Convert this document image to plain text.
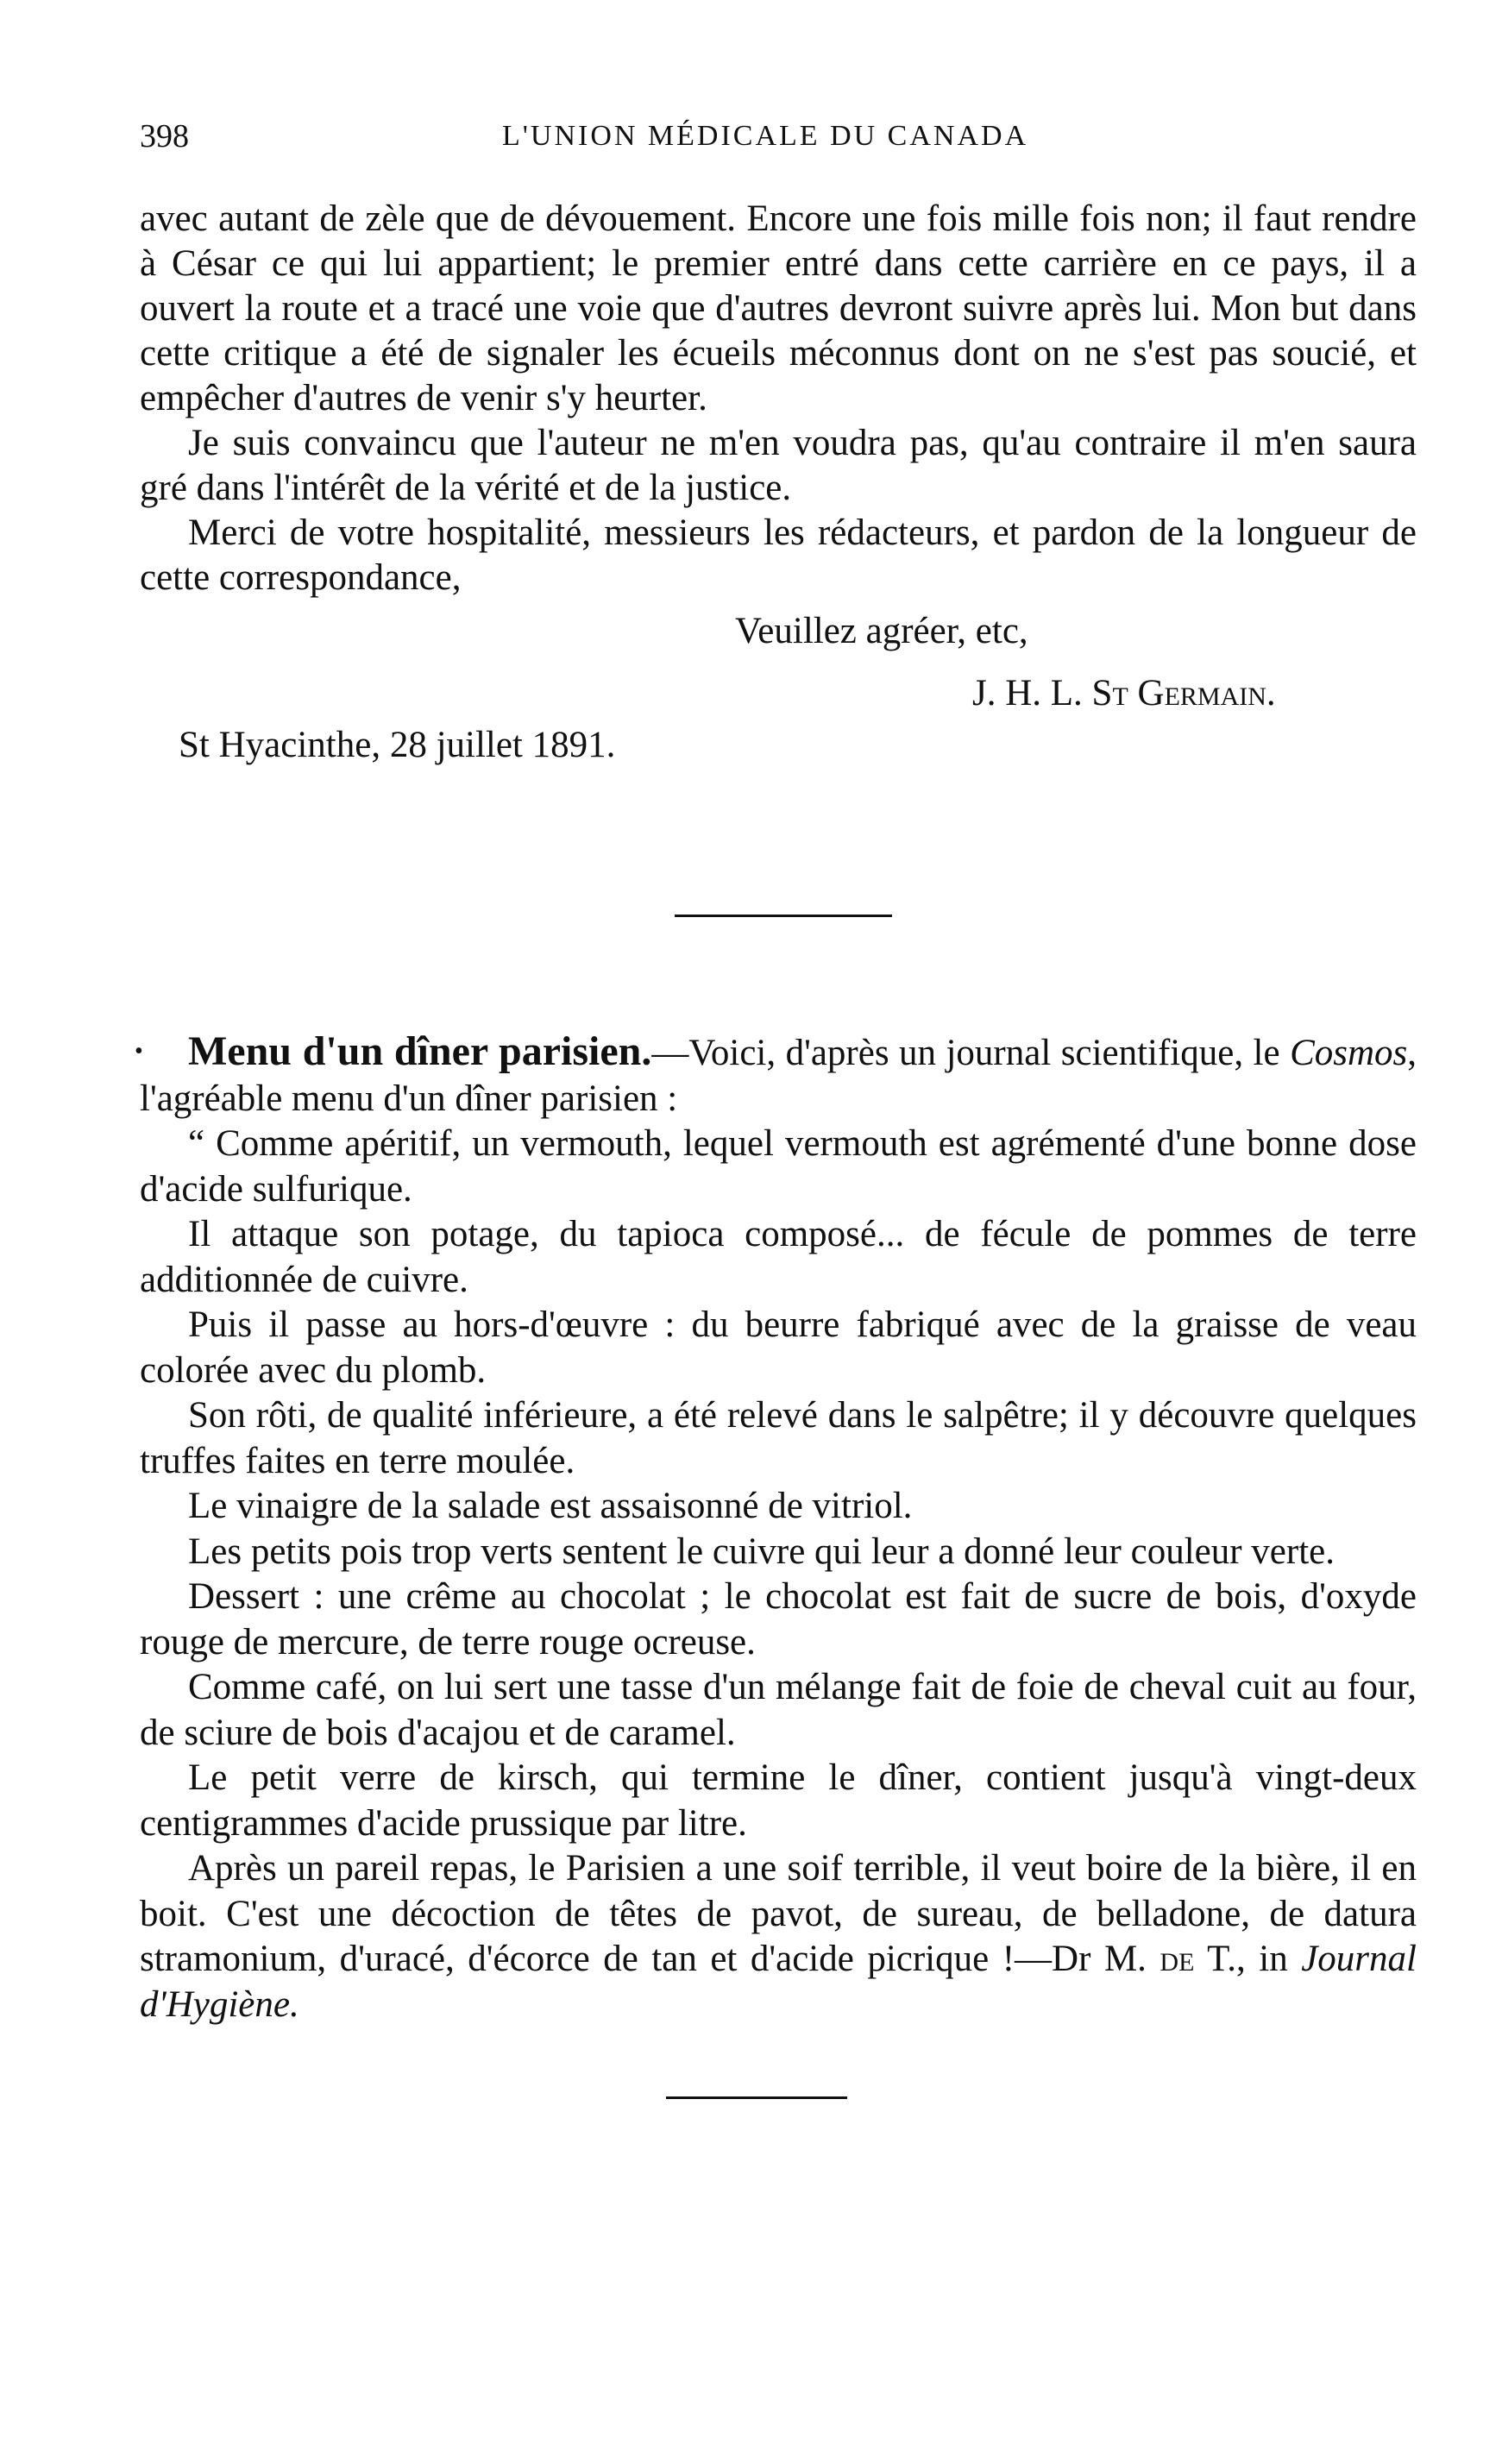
398	L'UNION MÉDICALE DU CANADA

avec autant de zèle que de dévouement. Encore une fois mille fois non; il faut rendre à César ce qui lui appartient; le premier entré dans cette carrière en ce pays, il a ouvert la route et a tracé une voie que d'autres devront suivre après lui. Mon but dans cette critique a été de signaler les écueils méconnus dont on ne s'est pas soucié, et empêcher d'autres de venir s'y heurter.

Je suis convaincu que l'auteur ne m'en voudra pas, qu'au contraire il m'en saura gré dans l'intérêt de la vérité et de la justice.

Merci de votre hospitalité, messieurs les rédacteurs, et pardon de la longueur de cette correspondance,

Veuillez agréer, etc,
J. H. L. St Germain.
St Hyacinthe, 28 juillet 1891.

• Menu d'un dîner parisien.—Voici, d'après un journal scientifique, le Cosmos, l'agréable menu d'un dîner parisien :

“ Comme apéritif, un vermouth, lequel vermouth est agrémenté d'une bonne dose d'acide sulfurique.

Il attaque son potage, du tapioca composé... de fécule de pommes de terre additionnée de cuivre.

Puis il passe au hors-d'œuvre : du beurre fabriqué avec de la graisse de veau colorée avec du plomb.

Son rôti, de qualité inférieure, a été relevé dans le salpêtre; il y découvre quelques truffes faites en terre moulée.

Le vinaigre de la salade est assaisonné de vitriol.

Les petits pois trop verts sentent le cuivre qui leur a donné leur couleur verte.

Dessert : une crême au chocolat ; le chocolat est fait de sucre de bois, d'oxyde rouge de mercure, de terre rouge ocreuse.

Comme café, on lui sert une tasse d'un mélange fait de foie de cheval cuit au four, de sciure de bois d'acajou et de caramel.

Le petit verre de kirsch, qui termine le dîner, contient jusqu'à vingt-deux centigrammes d'acide prussique par litre.

Après un pareil repas, le Parisien a une soif terrible, il veut boire de la bière, il en boit. C'est une décoction de têtes de pavot, de sureau, de belladone, de datura stramonium, d'uracé, d'écorce de tan et d'acide picrique !—Dr M. de T., in Journal d'Hygiène.
